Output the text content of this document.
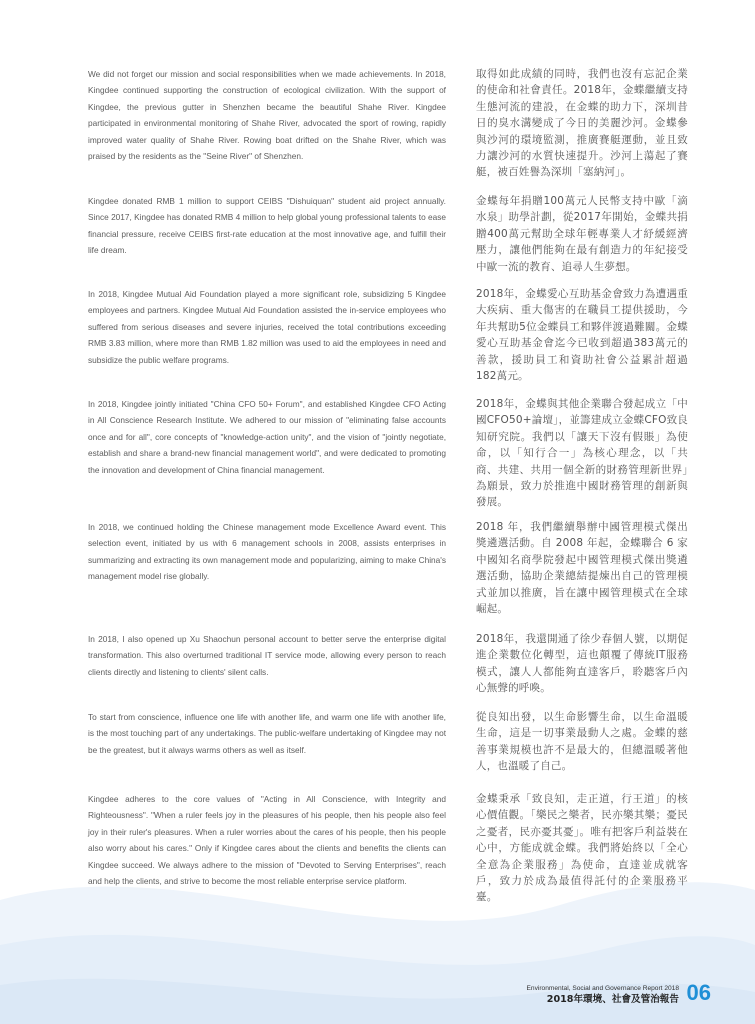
We did not forget our mission and social responsibilities when we made achievements. In 2018, Kingdee continued supporting the construction of ecological civilization. With the support of Kingdee, the previous gutter in Shenzhen became the beautiful Shahe River. Kingdee participated in environmental monitoring of Shahe River, advocated the sport of rowing, rapidly improved water quality of Shahe River. Rowing boat drifted on the Shahe River, which was praised by the residents as the "Seine River" of Shenzhen.

取得如此成績的同時，我們也沒有忘記企業的使命和社會責任。2018年，金蝶繼續支持生態河流的建設，在金蝶的助力下，深圳昔日的臭水溝變成了今日的美麗沙河。金蝶參與沙河的環境監測，推廣賽艇運動，並且致力讓沙河的水質快速提升。沙河上蕩起了賽艇，被百姓譽為深圳「塞納河」。

Kingdee donated RMB 1 million to support CEIBS "Dishuiquan" student aid project annually. Since 2017, Kingdee has donated RMB 4 million to help global young professional talents to ease financial pressure, receive CEIBS first-rate education at the most innovative age, and fulfill their life dream.

金蝶每年捐贈100萬元人民幣支持中歐「滴水泉」助學計劃，從2017年開始，金蝶共捐贈400萬元幫助全球年輕專業人才紓緩經濟壓力，讓他們能夠在最有創造力的年紀接受中歐一流的教育、追尋人生夢想。

In 2018, Kingdee Mutual Aid Foundation played a more significant role, subsidizing 5 Kingdee employees and partners. Kingdee Mutual Aid Foundation assisted the in-service employees who suffered from serious diseases and severe injuries, received the total contributions exceeding RMB 3.83 million, where more than RMB 1.82 million was used to aid the employees in need and subsidize the public welfare programs.

2018年，金蝶愛心互助基金會致力為遭遇重大疾病、重大傷害的在職員工提供援助，今年共幫助5位金蝶員工和夥伴渡過難關。金蝶愛心互助基金會迄今已收到超過383萬元的善款，援助員工和資助社會公益累計超過182萬元。

In 2018, Kingdee jointly initiated "China CFO 50+ Forum", and established Kingdee CFO Acting in All Conscience Research Institute. We adhered to our mission of "eliminating false accounts once and for all", core concepts of "knowledge-action unity", and the vision of "jointly negotiate, establish and share a brand-new financial management world", and were dedicated to promoting the innovation and development of China financial management.

2018年，金蝶與其他企業聯合發起成立「中國CFO50+論壇」，並籌建成立金蝶CFO致良知研究院。我們以「讓天下沒有假賬」為使命，以「知行合一」為核心理念，以「共商、共建、共用一個全新的財務管理新世界」為願景，致力於推進中國財務管理的創新與發展。

In 2018, we continued holding the Chinese management mode Excellence Award event. This selection event, initiated by us with 6 management schools in 2008, assists enterprises in summarizing and extracting its own management mode and popularizing, aiming to make China's management model rise globally.

2018 年，我們繼續舉辦中國管理模式傑出獎遴選活動。自 2008 年起，金蝶聯合 6 家中國知名商學院發起中國管理模式傑出獎遴選活動，協助企業總結提煉出自己的管理模式並加以推廣，旨在讓中國管理模式在全球崛起。

In 2018, I also opened up Xu Shaochun personal account to better serve the enterprise digital transformation. This also overturned traditional IT service mode, allowing every person to reach clients directly and listening to clients' silent calls.

2018年，我還開通了徐少春個人號，以期促進企業數位化轉型，這也顛覆了傳統IT服務模式，讓人人都能夠直達客戶，聆聽客戶內心無聲的呼喚。

To start from conscience, influence one life with another life, and warm one life with another life, is the most touching part of any undertakings. The public-welfare undertaking of Kingdee may not be the greatest, but it always warms others as well as itself.

從良知出發，以生命影響生命，以生命溫暖生命，這是一切事業最動人之處。金蝶的慈善事業規模也許不是最大的，但總溫暖著他人，也溫暖了自己。

Kingdee adheres to the core values of "Acting in All Conscience, with Integrity and Righteousness". "When a ruler feels joy in the pleasures of his people, then his people also feel joy in their ruler's pleasures. When a ruler worries about the cares of his people, then his people also worry about his cares." Only if Kingdee cares about the clients and benefits the clients can Kingdee succeed. We always adhere to the mission of "Devoted to Serving Enterprises", reach and help the clients, and strive to become the most reliable enterprise service platform.

金蝶秉承「致良知，走正道，行王道」的核心價值觀。「樂民之樂者，民亦樂其樂；憂民之憂者，民亦憂其憂」。唯有把客戶利益裝在心中，方能成就金蝶。我們將始終以「全心全意為企業服務」為使命，直達並成就客戶，致力於成為最值得託付的企業服務平臺。

Environmental, Social and Governance Report 2018
2018年環境、社會及管治報告 06
